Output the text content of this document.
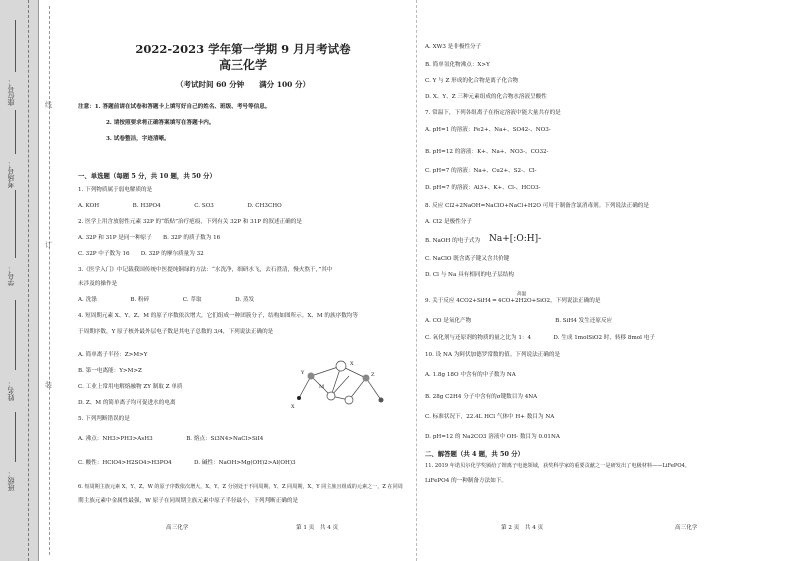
班级：
姓名：
学号：
考场号：
座位号：	线
订
装
2022-2023 学年第一学期 9 月月考试卷
高三化学
（考试时间 60 分钟　　满分 100 分）
注意：1. 答题前请在试卷和答题卡上填写好自己的姓名、班级、考号等信息。
2. 请按照要求将正确答案填写在答题卡内。
3. 试卷整洁，字迹清晰。
一、单选题（每题 5 分，共 10 题，共 50 分）
1. 下列物质属于弱电解质的是
A. KOH　　　　　　B. H3PO4　　　　　　C. SO3　　　　　　D. CH3CHO
2. 医学上用含放射性元素 32P 的“纸贴”治疗疤痕，下列有关 32P 和 31P 的叙述正确的是
A. 32P 和 31P 是同一种原子　　B. 32P 的质子数为 16
C. 32P 中子数为 16　　D. 32P 的摩尔质量为 32
3.《医学入门》中记载我国传统中医提纯铜绿的方法：“水洗净，细研水飞，去石澄清，慢火熬干，”其中
未涉及的操作是
A. 洗涤　　　　　　B. 粉碎　　　　　　C. 萃取　　　　　　D. 蒸发
4. 短周期元素 X、Y、Z、M 的原子序数依次增大，它们组成一种团簇分子，结构如图所示。X、M 的族序数均等
于周期序数，Y 原子核外最外层电子数是其电子总数的 3/4，下列说法正确的是
A. 简单离子半径：Z>M>Y
B. 第一电离能：Y>M>Z
C. 工业上常用电解熔融物 ZY 制取 Z 单质
D. Z、M 的简单离子均可促进水的电离
5. 下列判断错误的是
A. 沸点：NH3>PH3>AsH3　　　　　　B. 熔点：Si3N4>NaCl>SiI4
C. 酸性：HClO4>H2SO4>H3PO4　　　　D. 碱性：NaOH>Mg(OH)2>Al(OH)3
6. 短周期主族元素 X、Y、Z、W 的原子序数依次增大，X、Y、Z 分别处于不同周期，Y、Z 同周期，X、Y 同主族且组成的元素之一，Z 在同周
期主族元素中金属性最强，W 原子在同周期主族元素中原子半径最小，下列判断正确的是
X
Y
M
Z
X
高三化学	第 1 页　共 4 页
A. XW3 是非极性分子
B. 简单氢化物沸点：X>Y
C. Y 与 Z 形成的化合物是离子化合物
D. X、Y、Z 三种元素组成的化合物水溶液呈酸性
7. 常温下，下列各组离子在指定溶液中能大量共存的是
A. pH=1 的溶液：Fe2+、Na+、SO42-、NO3-
B. pH=12 的溶液：K+、Na+、NO3-、CO32-
C. pH=7 的溶液：Na+、Cu2+、S2-、Cl-
D. pH=7 的溶液：Al3+、K+、Cl-、HCO3-
8. 反应 Cl2+2NaOH=NaClO+NaCl+H2O 可用于制备含氯消毒剂。下列说法正确的是
A. Cl2 是极性分子
B. NaOH 的电子式为 Na+[:O:H]-
C. NaClO 既含离子键又含共价键
D. Cl 与 Na 具有相同的电子层结构
高温
9. 关于反应 4CO2+SiH4 ═ 4CO+2H2O+SiO2，下列说法正确的是
A. CO 是氧化产物　　　　　　　　　　　　　　　B. SiH4 发生还原反应
C. 氧化剂与还原剂的物质的量之比为 1：4　　　　D. 生成 1molSiO2 时，转移 8mol 电子
10. 设 NA 为阿伏加德罗常数的值。下列说法正确的是
A. 1.8g 18O 中含有的中子数为 NA
B. 28g C2H4 分子中含有的σ键数目为 4NA
C. 标准状况下，22.4L HCl 气体中 H+ 数目为 NA
D. pH=12 的 Na2CO3 溶液中 OH- 数目为 0.01NA
二、解答题（共 4 题，共 50 分）
11. 2019 年诺贝尔化学奖颁给了锂离子电池领域，获奖科学家的重要贡献之一是研发出了电极材料——LiFePO4，
LiFePO4 的一种制备方法如下。
第 2 页　共 4 页	高三化学
